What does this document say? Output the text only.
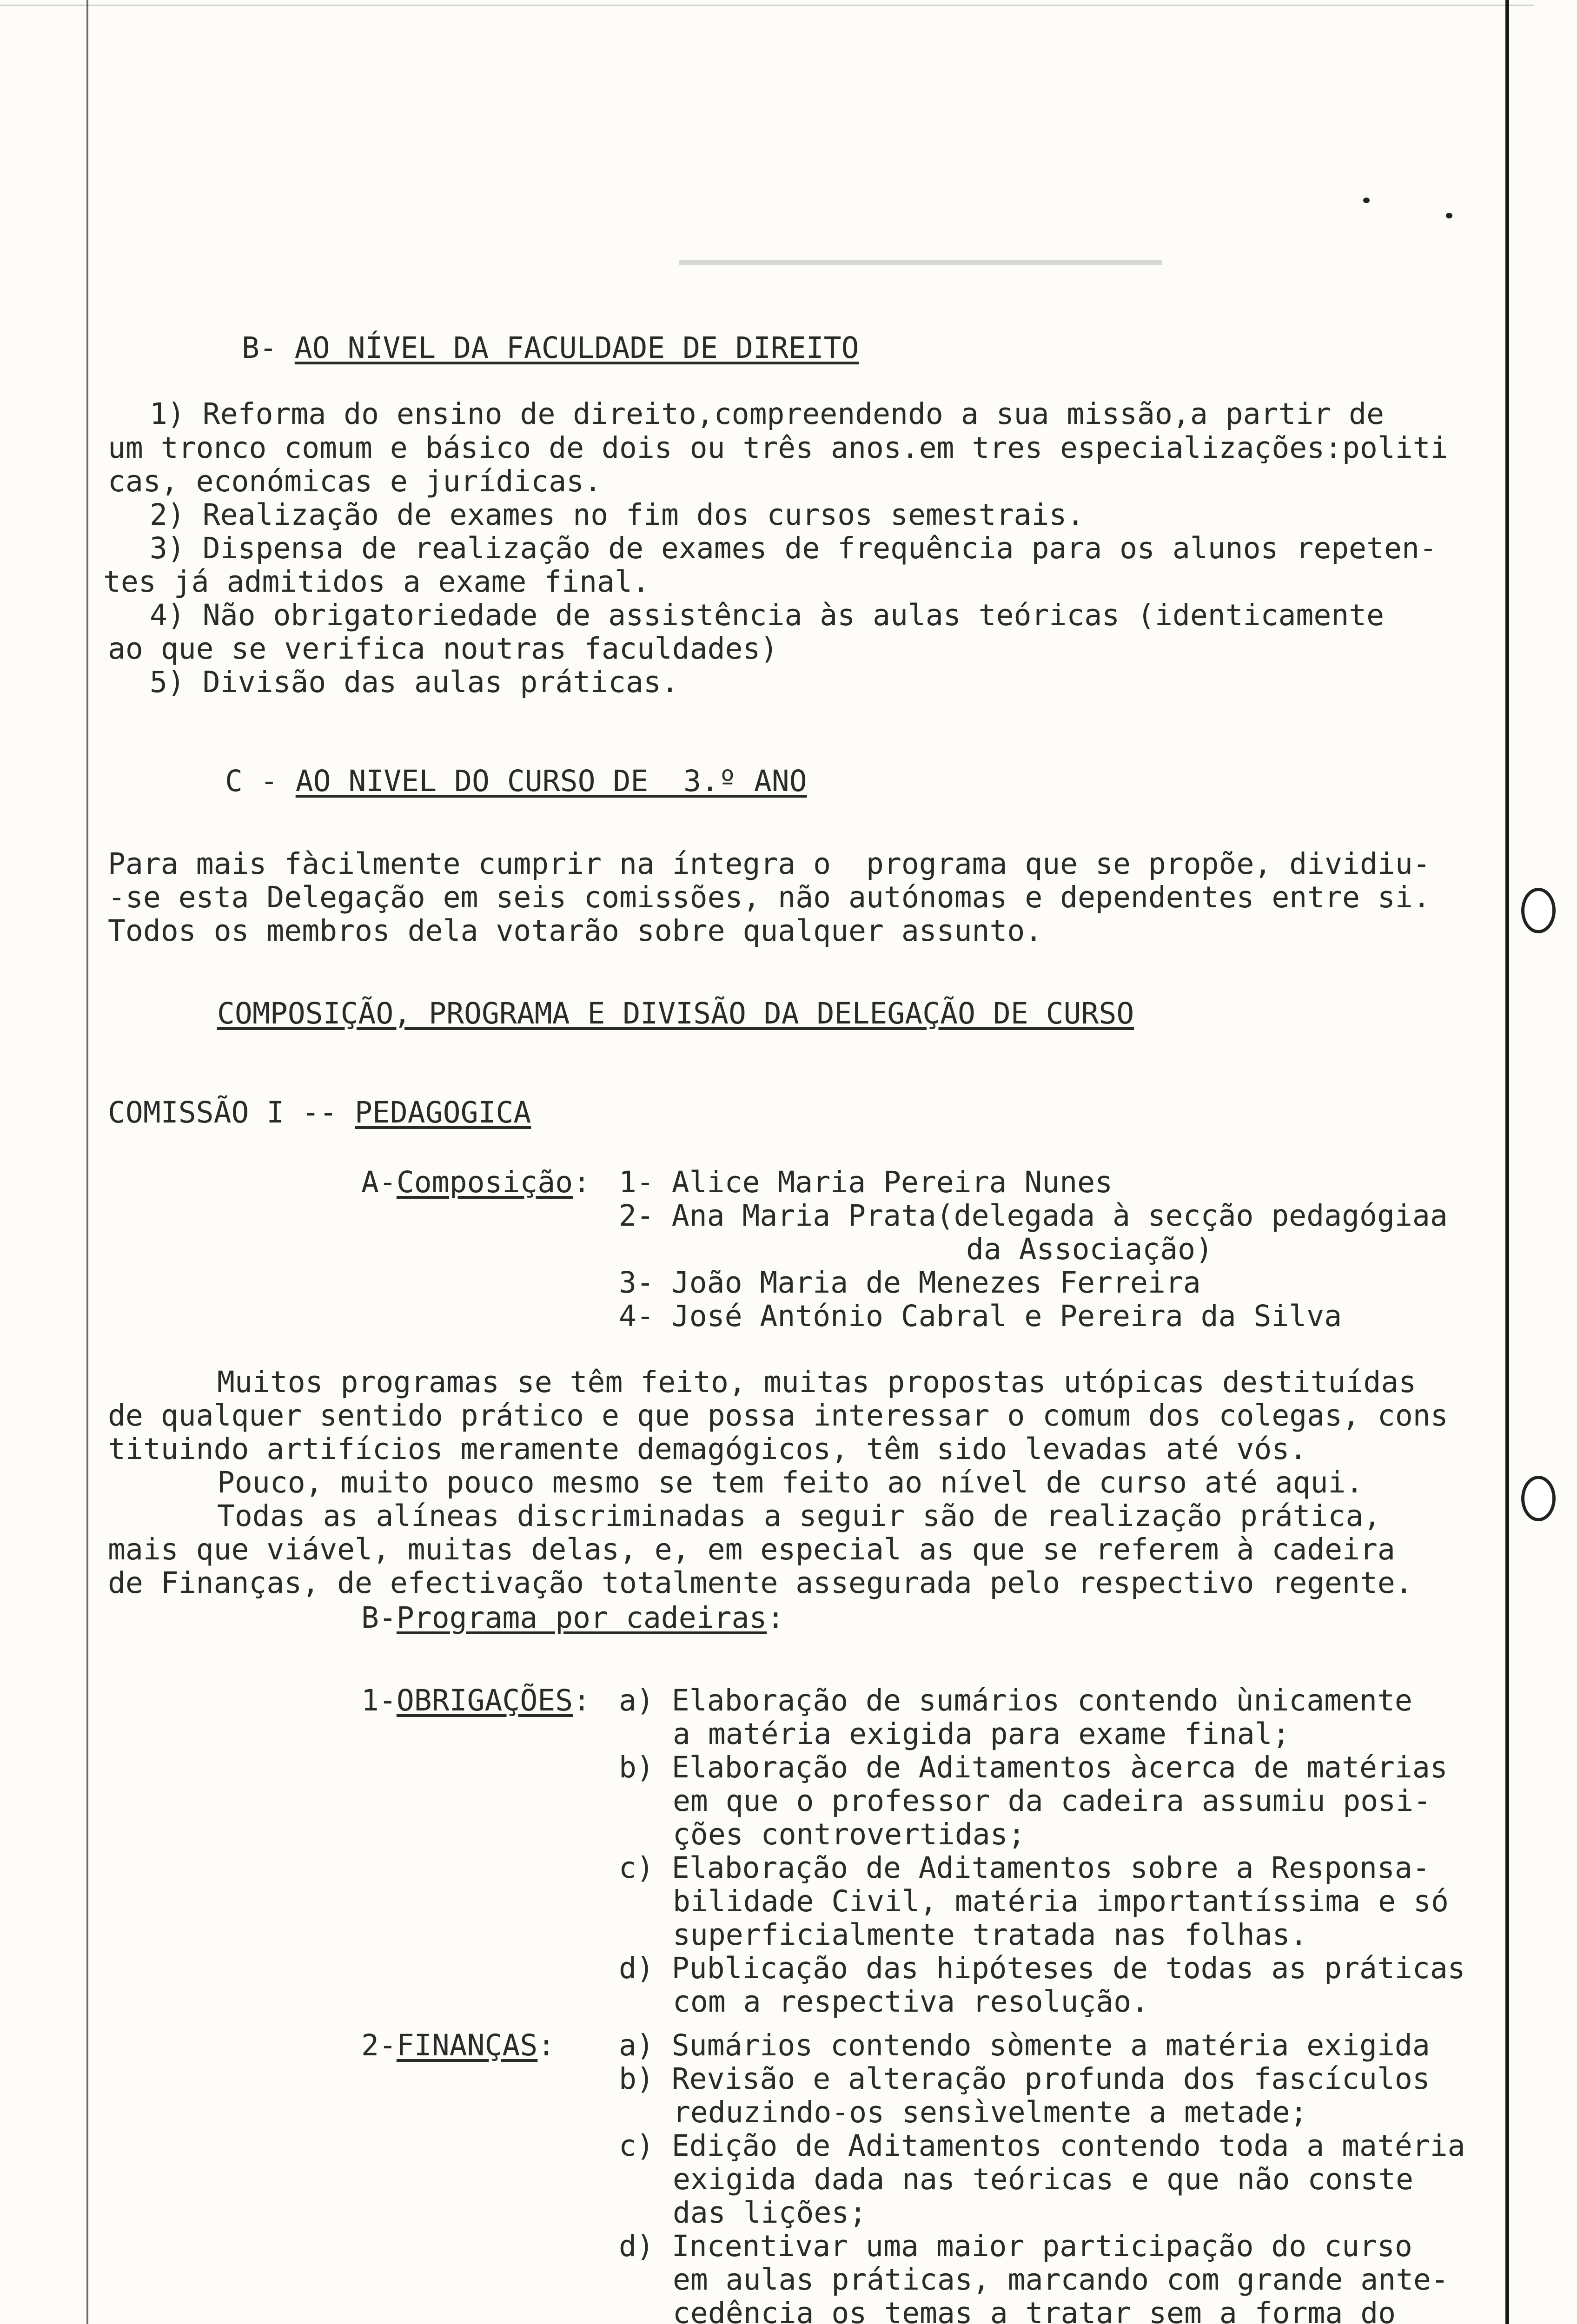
B- AO NÍVEL DA FACULDADE DE DIREITO
1) Reforma do ensino de direito,compreendendo a sua missão,a partir de
um tronco comum e básico de dois ou três anos.em tres especializações:politi
cas, económicas e jurídicas.
2) Realização de exames no fim dos cursos semestrais.
3) Dispensa de realização de exames de frequência para os alunos repeten-
tes já admitidos a exame final.
4) Não obrigatoriedade de assistência às aulas teóricas (identicamente
ao que se verifica noutras faculdades)
5) Divisão das aulas práticas.
C - AO NIVEL DO CURSO DE  3.º ANO
Para mais fàcilmente cumprir na íntegra o  programa que se propõe, dividiu-
-se esta Delegação em seis comissões, não autónomas e dependentes entre si.
Todos os membros dela votarão sobre qualquer assunto.
COMPOSIÇÃO, PROGRAMA E DIVISÃO DA DELEGAÇÃO DE CURSO
COMISSÃO I -- PEDAGOGICA
A-Composição: 1- Alice Maria Pereira Nunes
2- Ana Maria Prata(delegada à secção pedagógiaa
da Associação)
3- João Maria de Menezes Ferreira
4- José António Cabral e Pereira da Silva
Muitos programas se têm feito, muitas propostas utópicas destituídas
de qualquer sentido prático e que possa interessar o comum dos colegas, cons
tituindo artifícios meramente demagógicos, têm sido levadas até vós.
Pouco, muito pouco mesmo se tem feito ao nível de curso até aqui.
Todas as alíneas discriminadas a seguir são de realização prática,
mais que viável, muitas delas, e, em especial as que se referem à cadeira
de Finanças, de efectivação totalmente assegurada pelo respectivo regente.
B-Programa por cadeiras:
1-OBRIGAÇÕES: a) Elaboração de sumários contendo ùnicamente
a matéria exigida para exame final;
b) Elaboração de Aditamentos àcerca de matérias
em que o professor da cadeira assumiu posi-
ções controvertidas;
c) Elaboração de Aditamentos sobre a Responsa-
bilidade Civil, matéria importantíssima e só
superficialmente tratada nas folhas.
d) Publicação das hipóteses de todas as práticas
com a respectiva resolução.
2-FINANÇAS: a) Sumários contendo sòmente a matéria exigida
b) Revisão e alteração profunda dos fascículos
reduzindo-os sensìvelmente a metade;
c) Edição de Aditamentos contendo toda a matéria
exigida dada nas teóricas e que não conste
das lições;
d) Incentivar uma maior participação do curso
em aulas práticas, marcando com grande ante-
cedência os temas a tratar sem a forma do
